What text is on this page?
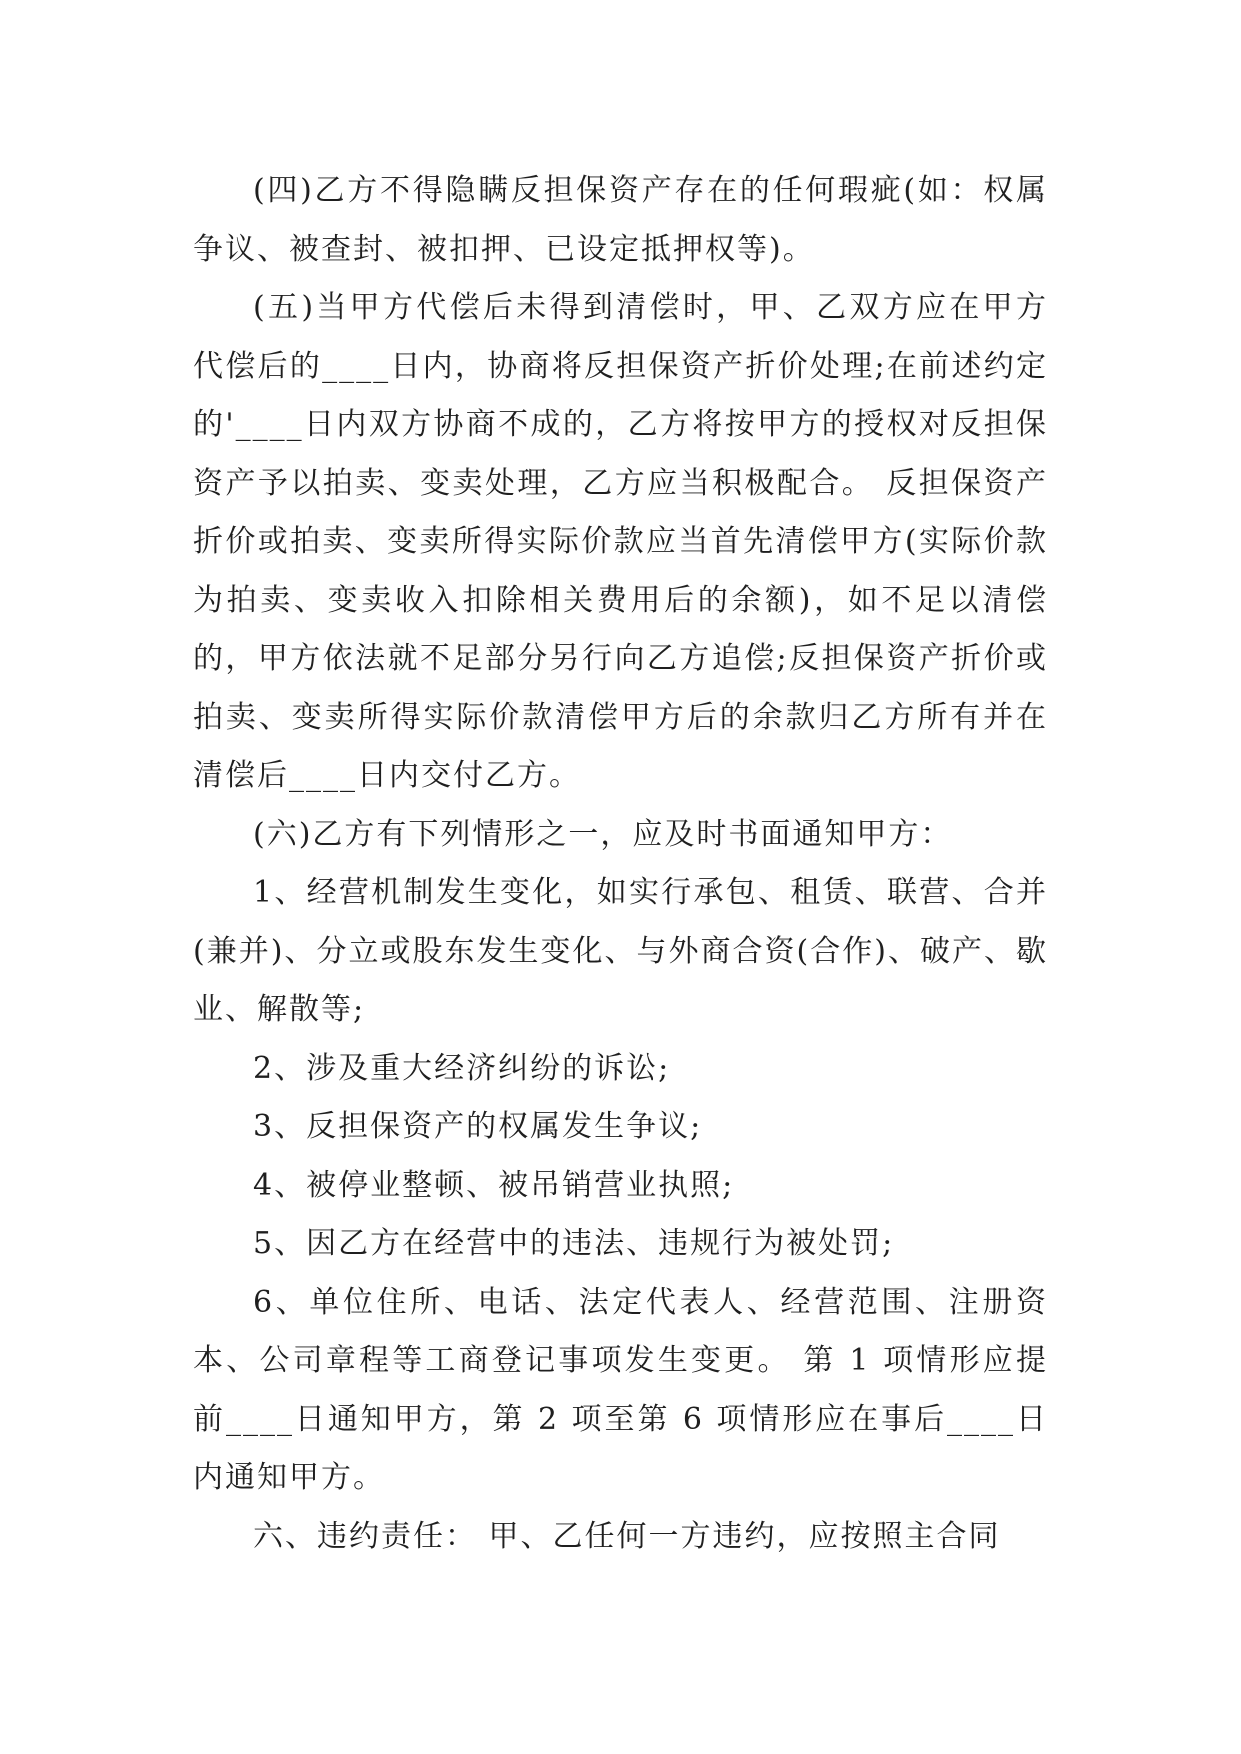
(四)乙方不得隐瞒反担保资产存在的任何瑕疵(如：权属争议、被查封、被扣押、已设定抵押权等)。

(五)当甲方代偿后未得到清偿时，甲、乙双方应在甲方代偿后的____日内，协商将反担保资产折价处理;在前述约定的'____日内双方协商不成的，乙方将按甲方的授权对反担保资产予以拍卖、变卖处理，乙方应当积极配合。 反担保资产折价或拍卖、变卖所得实际价款应当首先清偿甲方(实际价款为拍卖、变卖收入扣除相关费用后的余额)，如不足以清偿的，甲方依法就不足部分另行向乙方追偿;反担保资产折价或拍卖、变卖所得实际价款清偿甲方后的余款归乙方所有并在清偿后____日内交付乙方。

(六)乙方有下列情形之一，应及时书面通知甲方：

1、经营机制发生变化，如实行承包、租赁、联营、合并(兼并)、分立或股东发生变化、与外商合资(合作)、破产、歇业、解散等;

2、涉及重大经济纠纷的诉讼;

3、反担保资产的权属发生争议;

4、被停业整顿、被吊销营业执照;

5、因乙方在经营中的违法、违规行为被处罚;

6、单位住所、电话、法定代表人、经营范围、注册资本、公司章程等工商登记事项发生变更。 第 1 项情形应提前____日通知甲方，第 2 项至第 6 项情形应在事后____日内通知甲方。

六、违约责任： 甲、乙任何一方违约，应按照主合同
